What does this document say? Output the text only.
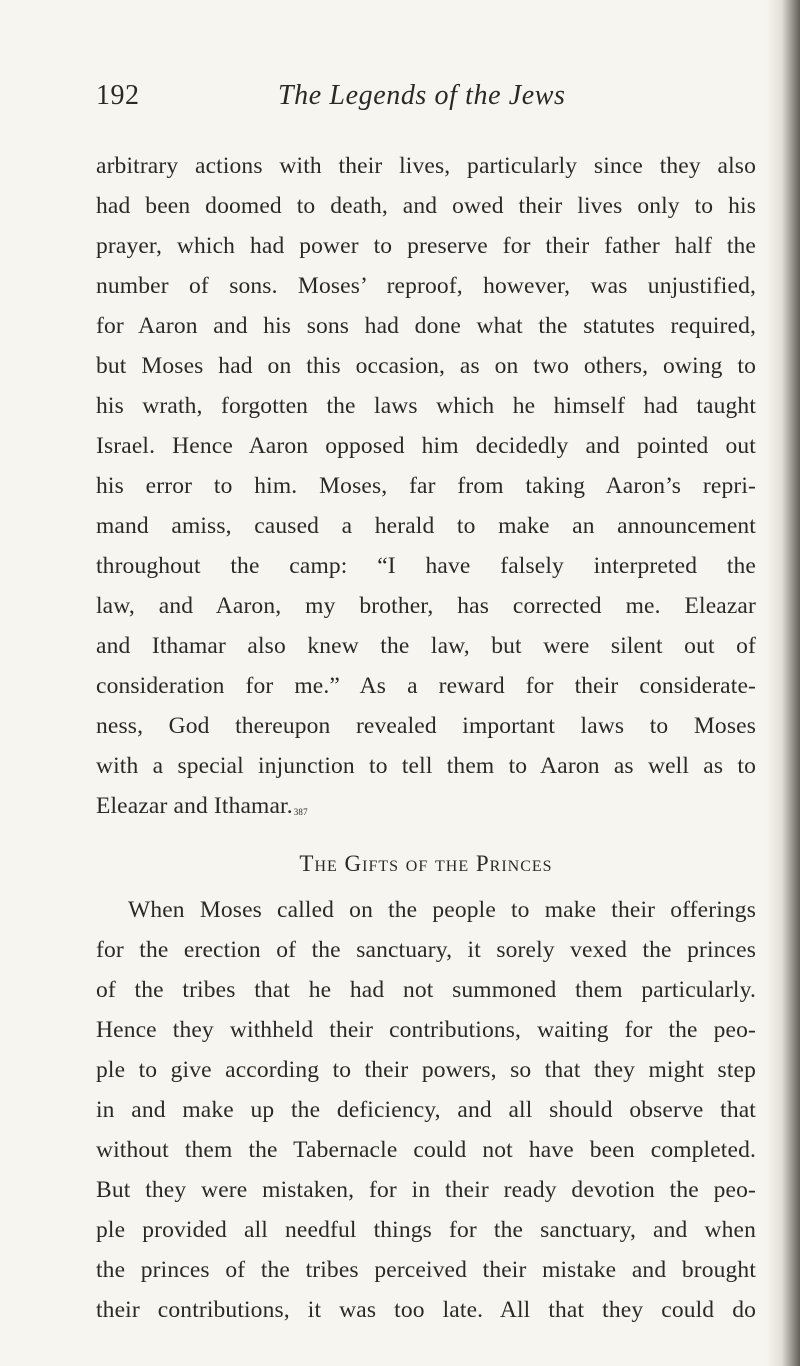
192	The Legends of the Jews
arbitrary actions with their lives, particularly since they also
had been doomed to death, and owed their lives only to his
prayer, which had power to preserve for their father half the
number of sons. Moses’ reproof, however, was unjustified,
for Aaron and his sons had done what the statutes required,
but Moses had on this occasion, as on two others, owing to
his wrath, forgotten the laws which he himself had taught
Israel. Hence Aaron opposed him decidedly and pointed out
his error to him. Moses, far from taking Aaron’s repri-
mand amiss, caused a herald to make an announcement
throughout the camp: “I have falsely interpreted the
law, and Aaron, my brother, has corrected me. Eleazar
and Ithamar also knew the law, but were silent out of
consideration for me.” As a reward for their considerate-
ness, God thereupon revealed important laws to Moses
with a special injunction to tell them to Aaron as well as to
Eleazar and Ithamar.$^{387}$
The Gifts of the Princes
When Moses called on the people to make their offerings
for the erection of the sanctuary, it sorely vexed the princes
of the tribes that he had not summoned them particularly.
Hence they withheld their contributions, waiting for the peo-
ple to give according to their powers, so that they might step
in and make up the deficiency, and all should observe that
without them the Tabernacle could not have been completed.
But they were mistaken, for in their ready devotion the peo-
ple provided all needful things for the sanctuary, and when
the princes of the tribes perceived their mistake and brought
their contributions, it was too late. All that they could do
